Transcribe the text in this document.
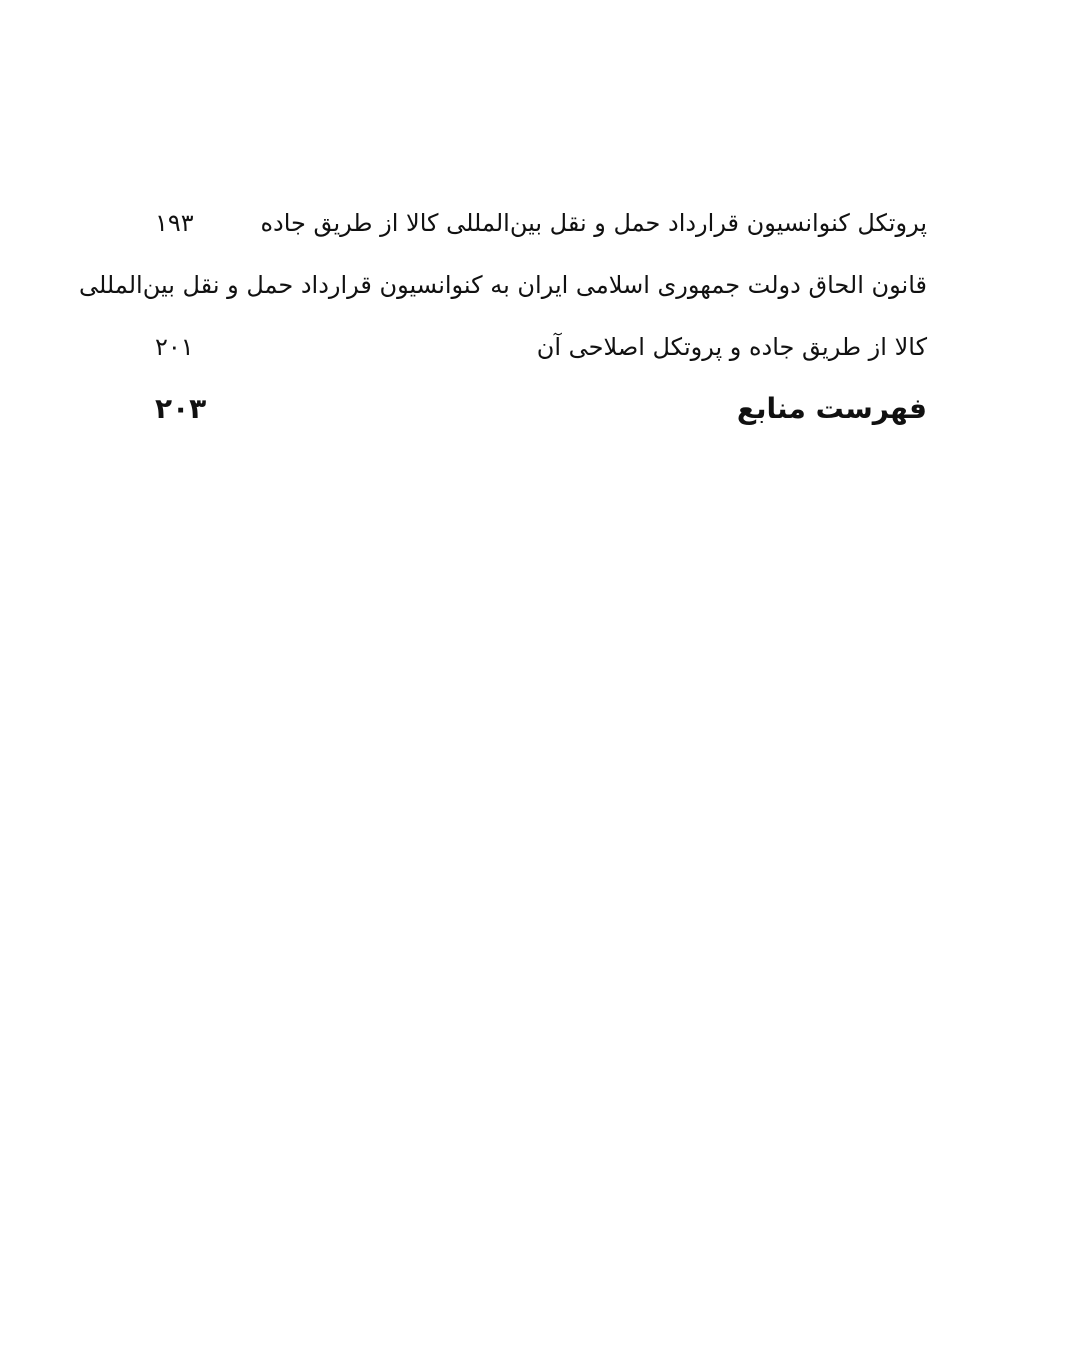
پروتکل کنوانسیون قرارداد حمل و نقل بین‌المللی کالا از طریق جاده
۱۹۳
قانون الحاق دولت جمهوری اسلامی ایران به کنوانسیون قرارداد حمل و نقل بین‌المللی
کالا از طریق جاده و پروتکل اصلاحی آن
۲۰۱
فهرست منابع
۲۰۳
